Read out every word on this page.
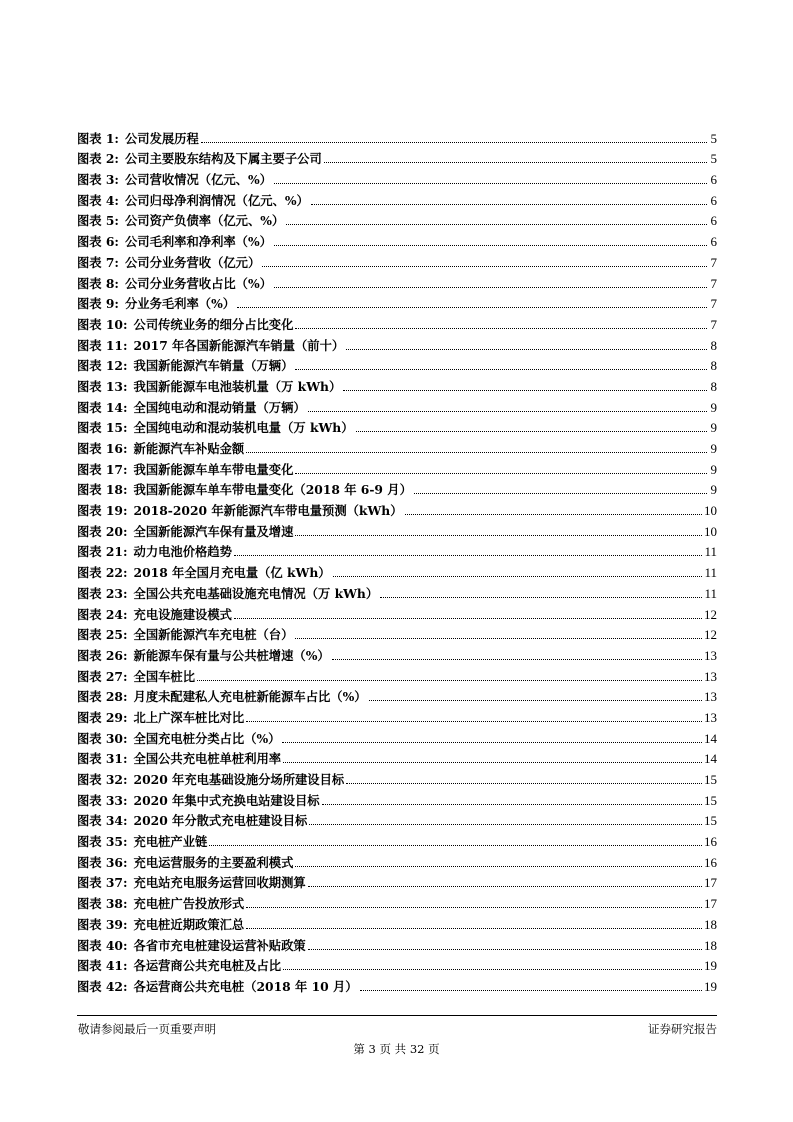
图表 1: 公司发展历程	5
图表 2: 公司主要股东结构及下属主要子公司	5
图表 3: 公司营收情况（亿元、%）	6
图表 4: 公司归母净利润情况（亿元、%）	6
图表 5: 公司资产负债率（亿元、%）	6
图表 6: 公司毛利率和净利率（%）	6
图表 7: 公司分业务营收（亿元）	7
图表 8: 公司分业务营收占比（%）	7
图表 9: 分业务毛利率（%）	7
图表 10: 公司传统业务的细分占比变化	7
图表 11: 2017 年各国新能源汽车销量（前十）	8
图表 12: 我国新能源汽车销量（万辆）	8
图表 13: 我国新能源车电池装机量（万 kWh）	8
图表 14: 全国纯电动和混动销量（万辆）	9
图表 15: 全国纯电动和混动装机电量（万 kWh）	9
图表 16: 新能源汽车补贴金额	9
图表 17: 我国新能源车单车带电量变化	9
图表 18: 我国新能源车单车带电量变化（2018 年 6-9 月）	9
图表 19: 2018-2020 年新能源汽车带电量预测（kWh）	10
图表 20: 全国新能源汽车保有量及增速	10
图表 21: 动力电池价格趋势	11
图表 22: 2018 年全国月充电量（亿 kWh）	11
图表 23: 全国公共充电基础设施充电情况（万 kWh）	11
图表 24: 充电设施建设模式	12
图表 25: 全国新能源汽车充电桩（台）	12
图表 26: 新能源车保有量与公共桩增速（%）	13
图表 27: 全国车桩比	13
图表 28: 月度未配建私人充电桩新能源车占比（%）	13
图表 29: 北上广深车桩比对比	13
图表 30: 全国充电桩分类占比（%）	14
图表 31: 全国公共充电桩单桩利用率	14
图表 32: 2020 年充电基础设施分场所建设目标	15
图表 33: 2020 年集中式充换电站建设目标	15
图表 34: 2020 年分散式充电桩建设目标	15
图表 35: 充电桩产业链	16
图表 36: 充电运营服务的主要盈利模式	16
图表 37: 充电站充电服务运营回收期测算	17
图表 38: 充电桩广告投放形式	17
图表 39: 充电桩近期政策汇总	18
图表 40: 各省市充电桩建设运营补贴政策	18
图表 41: 各运营商公共充电桩及占比	19
图表 42: 各运营商公共充电桩（2018 年 10 月）	19
敬请参阅最后一页重要声明	证券研究报告
第 3 页 共 32 页
